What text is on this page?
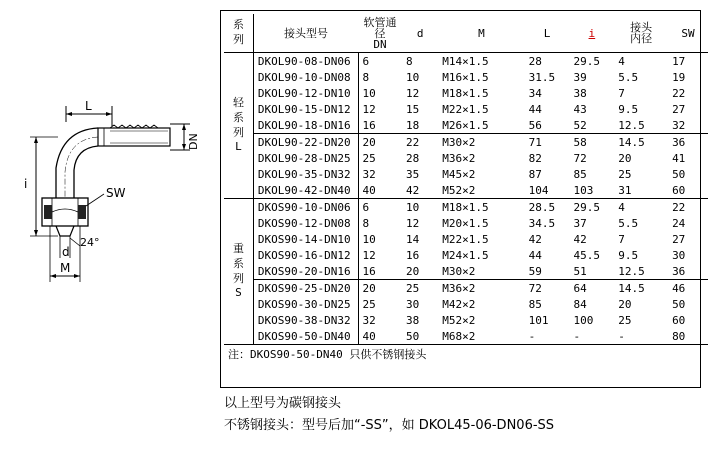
L
DN
i
SW
d
24°
M
系
列	接头型号	软管通径
DN	d	M	L	i	接头
内径	SW
轻
系
列
L	DKOL90-08-DN06	6	8	M14×1.5	28	29.5	4	17
	DKOL90-10-DN08	8	10	M16×1.5	31.5	39	5.5	19
	DKOL90-12-DN10	10	12	M18×1.5	34	38	7	22
	DKOL90-15-DN12	12	15	M22×1.5	44	43	9.5	27
	DKOL90-18-DN16	16	18	M26×1.5	56	52	12.5	32
	DKOL90-22-DN20	20	22	M30×2	71	58	14.5	36
	DKOL90-28-DN25	25	28	M36×2	82	72	20	41
	DKOL90-35-DN32	32	35	M45×2	87	85	25	50
	DKOL90-42-DN40	40	42	M52×2	104	103	31	60
重
系
列
S	DKOS90-10-DN06	6	10	M18×1.5	28.5	29.5	4	22
	DKOS90-12-DN08	8	12	M20×1.5	34.5	37	5.5	24
	DKOS90-14-DN10	10	14	M22×1.5	42	42	7	27
	DKOS90-16-DN12	12	16	M24×1.5	44	45.5	9.5	30
	DKOS90-20-DN16	16	20	M30×2	59	51	12.5	36
	DKOS90-25-DN20	20	25	M36×2	72	64	14.5	46
	DKOS90-30-DN25	25	30	M42×2	85	84	20	50
	DKOS90-38-DN32	32	38	M52×2	101	100	25	60
	DKOS90-50-DN40	40	50	M68×2	-	-	-	80
注：DKOS90-50-DN40 只供不锈钢接头								
以上型号为碳钢接头
不锈钢接头：型号后加“-SS”，如 DKOL45-06-DN06-SS
